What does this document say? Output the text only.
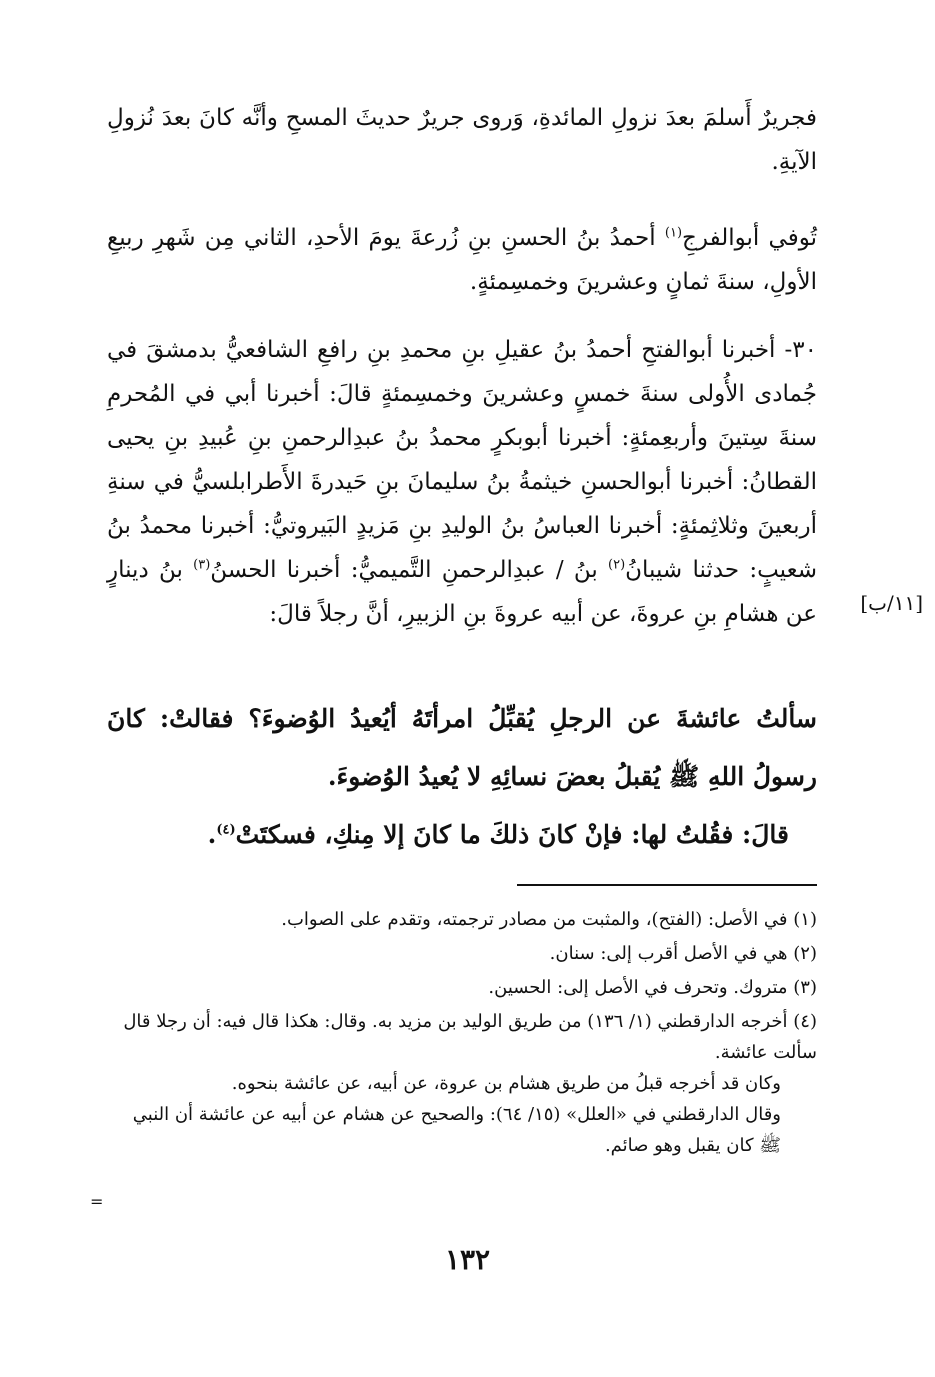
فجريرٌ أَسلمَ بعدَ نزولِ المائدةِ، وَروى جريرٌ حديثَ المسحِ وأنَّه كانَ بعدَ نُزولِ الآيةِ.

تُوفي أبوالفرجِ$^{(١)}$ أحمدُ بنُ الحسنِ بنِ زُرعةَ يومَ الأحدِ، الثاني مِن شَهرِ ربيعِ الأولِ، سنةَ ثمانٍ وعشرينَ وخمسِمئةٍ.

٣٠- أخبرنا أبوالفتحِ أحمدُ بنُ عقيلِ بنِ محمدِ بنِ رافعِ الشافعيُّ بدمشقَ في جُمادى الأُولى سنةَ خمسٍ وعشرينَ وخمسِمئةٍ قالَ: أخبرنا أبي في المُحرمِ سنةَ سِتينَ وأربعِمئةٍ: أخبرنا أبوبكرٍ محمدُ بنُ عبدِالرحمنِ بنِ عُبيدِ بنِ يحيى القطانُ: أخبرنا أبوالحسنِ خيثمةُ بنُ سليمانَ بنِ حَيدرةَ الأَطرابلسيُّ في سنةِ أربعينَ وثلاثِمئةٍ: أخبرنا العباسُ بنُ الوليدِ بنِ مَزيدٍ البَيروتيُّ: أخبرنا محمدُ بنُ شعيبٍ: حدثنا شيبانُ$^{(٢)}$ بنُ / عبدِالرحمنِ التَّميميُّ: أخبرنا الحسنُ$^{(٣)}$ بنُ دينارٍ عن هشامِ بنِ عروةَ، عن أبيه عروةَ بنِ الزبيرِ، أنَّ رجلاً قالَ: [١١/ب]

سألتُ عائشةَ عن الرجلِ يُقبِّلُ امرأتَهُ أيُعيدُ الوُضوءَ؟ فقالتْ: كانَ رسولُ اللهِ ﷺ يُقبلُ بعضَ نسائِهِ لا يُعيدُ الوُضوءَ.

قالَ: فقُلتُ لها: فإنْ كانَ ذلكَ ما كانَ إلا مِنكِ، فسكتَتْ$^{(٤)}$.

(١) في الأصل: (الفتح)، والمثبت من مصادر ترجمته، وتقدم على الصواب.

(٢) هي في الأصل أقرب إلى: سنان.

(٣) متروك. وتحرف في الأصل إلى: الحسين.

(٤) أخرجه الدارقطني (١/ ١٣٦) من طريق الوليد بن مزيد به. وقال: هكذا قال فيه: أن رجلا قال سألت عائشة.

وكان قد أخرجه قبلُ من طريق هشام بن عروة، عن أبيه، عن عائشة بنحوه.

وقال الدارقطني في «العلل» (١٥/ ٦٤): والصحيح عن هشام عن أبيه عن عائشة أن النبي ﷺ كان يقبل وهو صائم.

=
١٣٢
